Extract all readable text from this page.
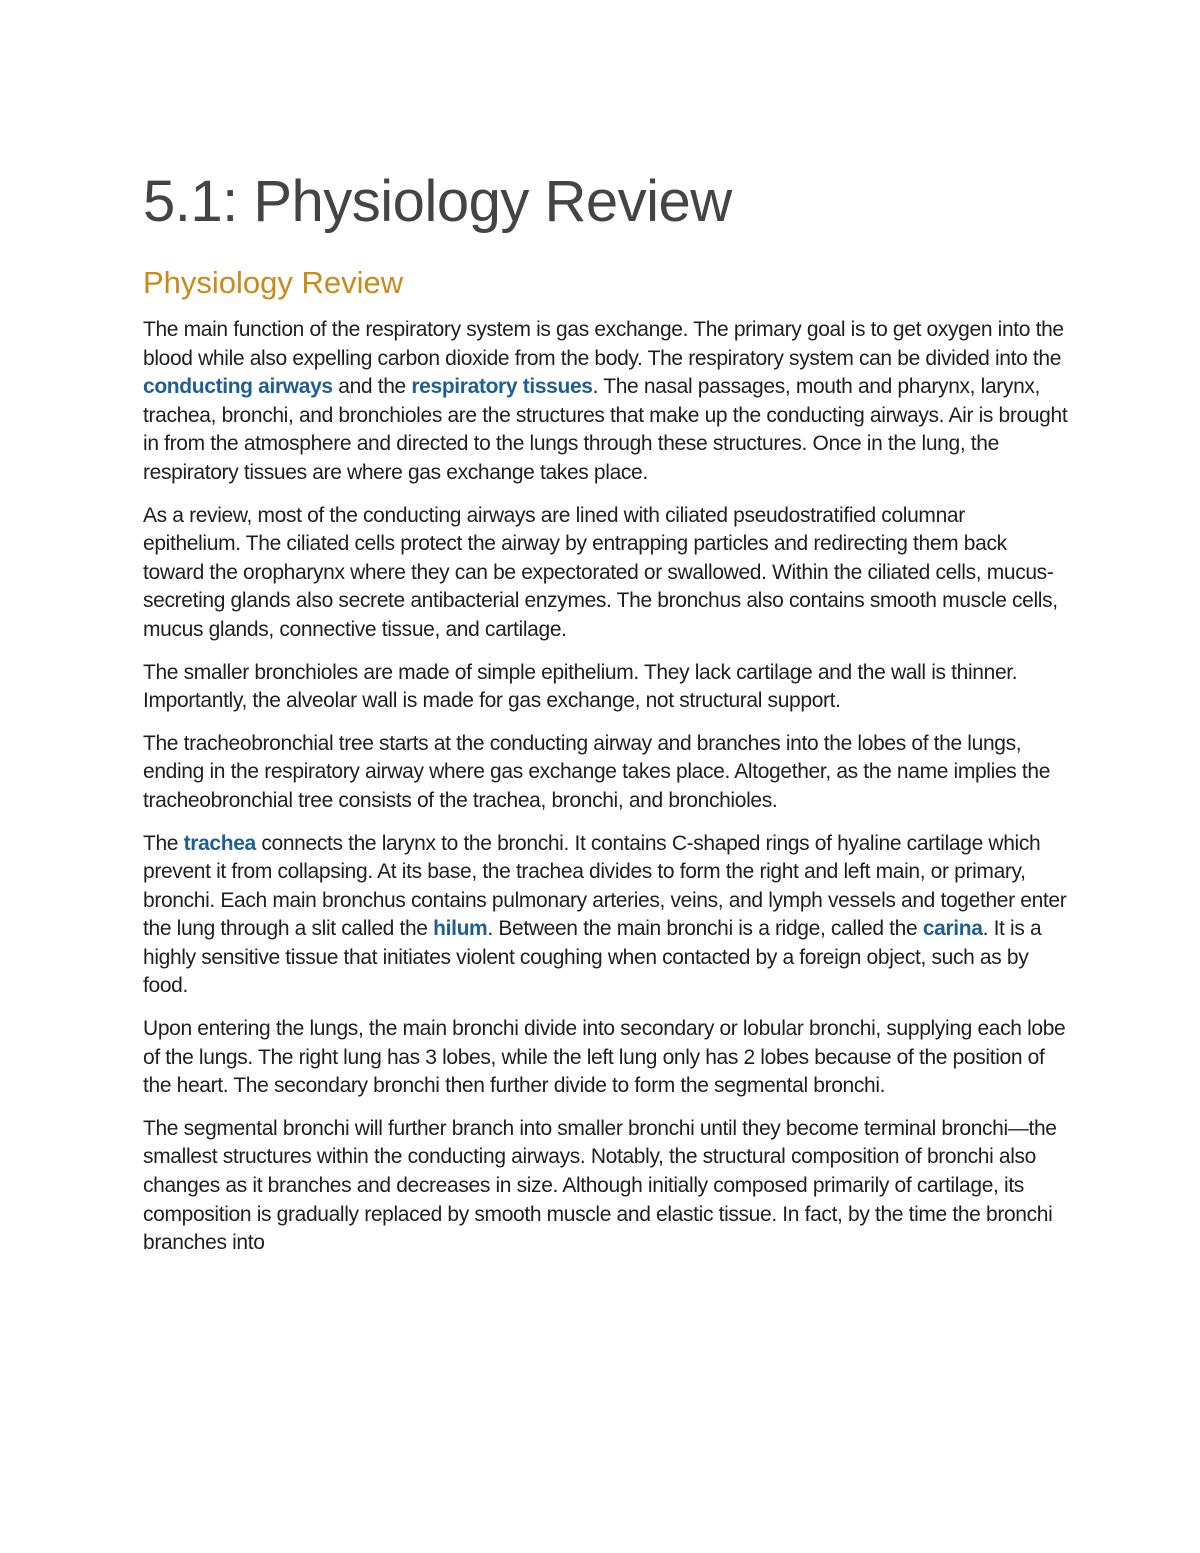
5.1: Physiology Review
Physiology Review

The main function of the respiratory system is gas exchange. The primary goal is to get oxygen into the blood while also expelling carbon dioxide from the body. The respiratory system can be divided into the conducting airways and the respiratory tissues. The nasal passages, mouth and pharynx, larynx, trachea, bronchi, and bronchioles are the structures that make up the conducting airways. Air is brought in from the atmosphere and directed to the lungs through these structures. Once in the lung, the respiratory tissues are where gas exchange takes place.

As a review, most of the conducting airways are lined with ciliated pseudostratified columnar epithelium. The ciliated cells protect the airway by entrapping particles and redirecting them back toward the oropharynx where they can be expectorated or swallowed. Within the ciliated cells, mucus-secreting glands also secrete antibacterial enzymes. The bronchus also contains smooth muscle cells, mucus glands, connective tissue, and cartilage.

The smaller bronchioles are made of simple epithelium. They lack cartilage and the wall is thinner. Importantly, the alveolar wall is made for gas exchange, not structural support.

The tracheobronchial tree starts at the conducting airway and branches into the lobes of the lungs, ending in the respiratory airway where gas exchange takes place. Altogether, as the name implies the tracheobronchial tree consists of the trachea, bronchi, and bronchioles.

The trachea connects the larynx to the bronchi. It contains C-shaped rings of hyaline cartilage which prevent it from collapsing. At its base, the trachea divides to form the right and left main, or primary, bronchi. Each main bronchus contains pulmonary arteries, veins, and lymph vessels and together enter the lung through a slit called the hilum. Between the main bronchi is a ridge, called the carina. It is a highly sensitive tissue that initiates violent coughing when contacted by a foreign object, such as by food.

Upon entering the lungs, the main bronchi divide into secondary or lobular bronchi, supplying each lobe of the lungs. The right lung has 3 lobes, while the left lung only has 2 lobes because of the position of the heart. The secondary bronchi then further divide to form the segmental bronchi.

The segmental bronchi will further branch into smaller bronchi until they become terminal bronchi—the smallest structures within the conducting airways. Notably, the structural composition of bronchi also changes as it branches and decreases in size. Although initially composed primarily of cartilage, its composition is gradually replaced by smooth muscle and elastic tissue. In fact, by the time the bronchi branches into
